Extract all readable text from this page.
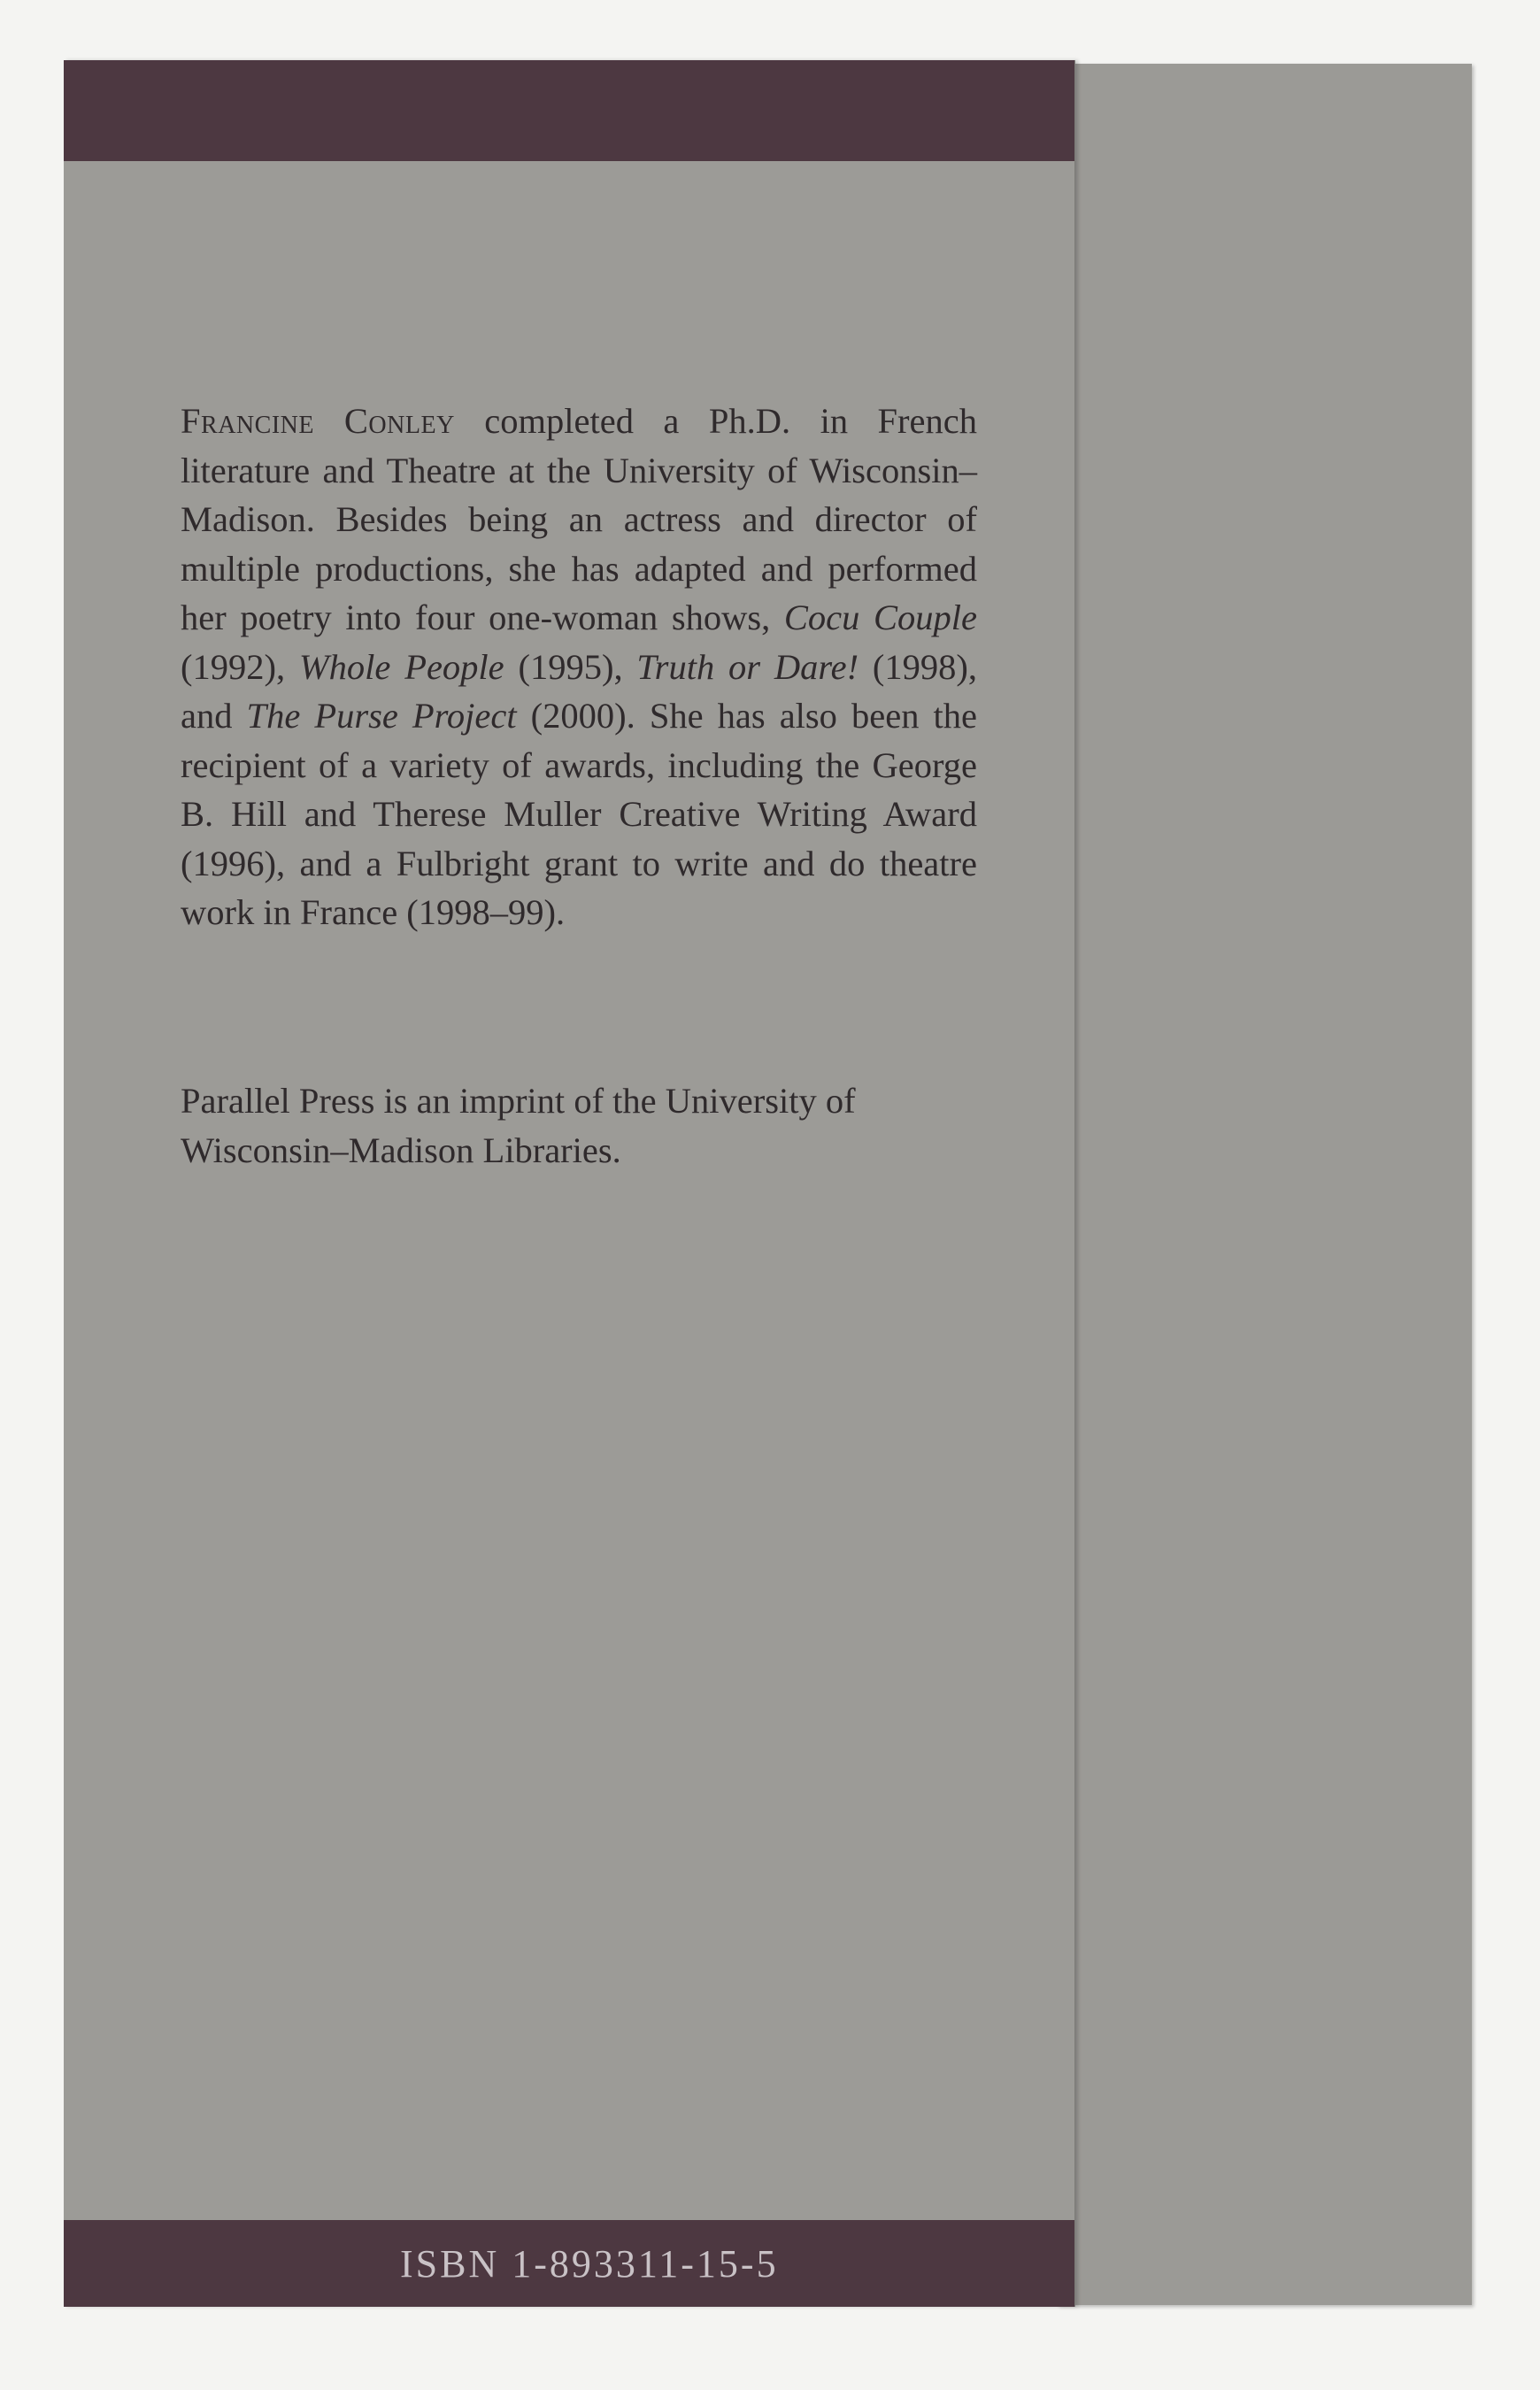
Francine Conley completed a Ph.D. in French literature and Theatre at the University of Wisconsin–Madison. Besides being an actress and director of multiple productions, she has adapted and performed her poetry into four one-woman shows, Cocu Couple (1992), Whole People (1995), Truth or Dare! (1998), and The Purse Project (2000). She has also been the recipient of a variety of awards, including the George B. Hill and Therese Muller Creative Writing Award (1996), and a Fulbright grant to write and do theatre work in France (1998–99).

Parallel Press is an imprint of the University of Wisconsin–Madison Libraries.

ISBN 1-893311-15-5
